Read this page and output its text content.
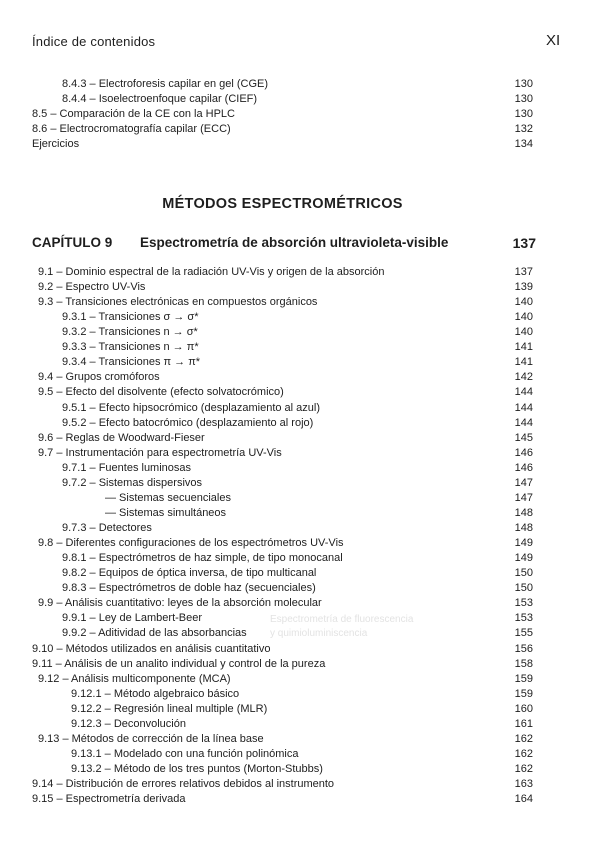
Índice de contenidos	XI
Espectrometría de fluorescencia
y quimioluminiscencia
MÉTODOS ESPECTROMÉTRICOS
CAPÍTULO 9 Espectrometría de absorción ultravioleta-visible	137
8.4.3 – Electroforesis capilar en gel (CGE)	130
8.4.4 – Isoelectroenfoque capilar (CIEF)	130
8.5 – Comparación de la CE con la HPLC	130
8.6 – Electrocromatografía capilar (ECC)	132
Ejercicios	134
9.1 – Dominio espectral de la radiación UV-Vis y origen de la absorción	137
9.2 – Espectro UV-Vis	139
9.3 – Transiciones electrónicas en compuestos orgánicos	140
9.3.1 – Transiciones σ → σ*	140
9.3.2 – Transiciones n → σ*	140
9.3.3 – Transiciones n → π*	141
9.3.4 – Transiciones π → π*	141
9.4 – Grupos cromóforos	142
9.5 – Efecto del disolvente (efecto solvatocrómico)	144
9.5.1 – Efecto hipsocrómico (desplazamiento al azul)	144
9.5.2 – Efecto batocrómico (desplazamiento al rojo)	144
9.6 – Reglas de Woodward-Fieser	145
9.7 – Instrumentación para espectrometría UV-Vis	146
9.7.1 – Fuentes luminosas	146
9.7.2 – Sistemas dispersivos	147
— Sistemas secuenciales	147
— Sistemas simultáneos	148
9.7.3 – Detectores	148
9.8 – Diferentes configuraciones de los espectrómetros UV-Vis	149
9.8.1 – Espectrómetros de haz simple, de tipo monocanal	149
9.8.2 – Equipos de óptica inversa, de tipo multicanal	150
9.8.3 – Espectrómetros de doble haz (secuenciales)	150
9.9 – Análisis cuantitativo: leyes de la absorción molecular	153
9.9.1 – Ley de Lambert-Beer	153
9.9.2 – Aditividad de las absorbancias	155
9.10 – Métodos utilizados en análisis cuantitativo	156
9.11 – Análisis de un analito individual y control de la pureza	158
9.12 – Análisis multicomponente (MCA)	159
9.12.1 – Método algebraico básico	159
9.12.2 – Regresión lineal multiple (MLR)	160
9.12.3 – Deconvolución	161
9.13 – Métodos de corrección de la línea base	162
9.13.1 – Modelado con una función polinómica	162
9.13.2 – Método de los tres puntos (Morton-Stubbs)	162
9.14 – Distribución de errores relativos debidos al instrumento	163
9.15 – Espectrometría derivada	164
